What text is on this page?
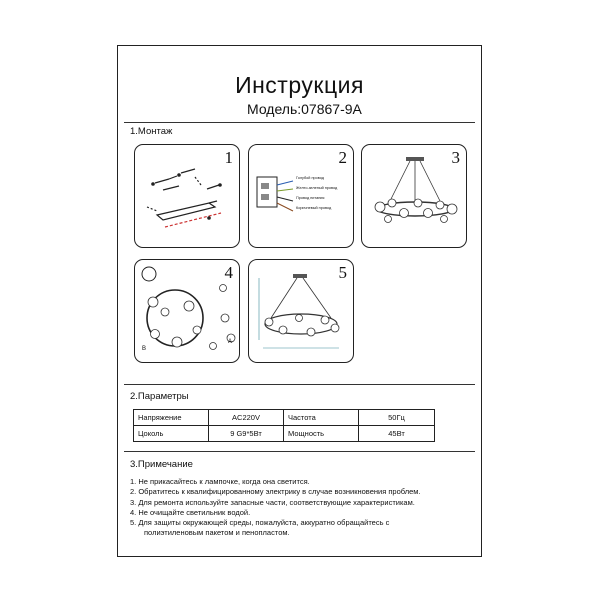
Инструкция
Модель:07867-9A
1.Монтаж
1
Голубой провод
Желто-зеленый провод
Провод питания
Коричневый провод
2	3
A
B
4	5
2.Параметры
Напряжение	AC220V	Частота	50Гц
Цоколь	9 G9*5Вт	Мощность	45Вт
3.Примечание
1. Не прикасайтесь к лампочке, когда она светится.
2. Обратитесь к квалифицированному электрику в случае возникновения проблем.
3. Для ремонта используйте запасные части, соответствующие характеристикам.
4. Не очищайте светильник водой.
5. Для защиты окружающей среды, пожалуйста, аккуратно обращайтесь с
полиэтиленовым пакетом и пенопластом.
